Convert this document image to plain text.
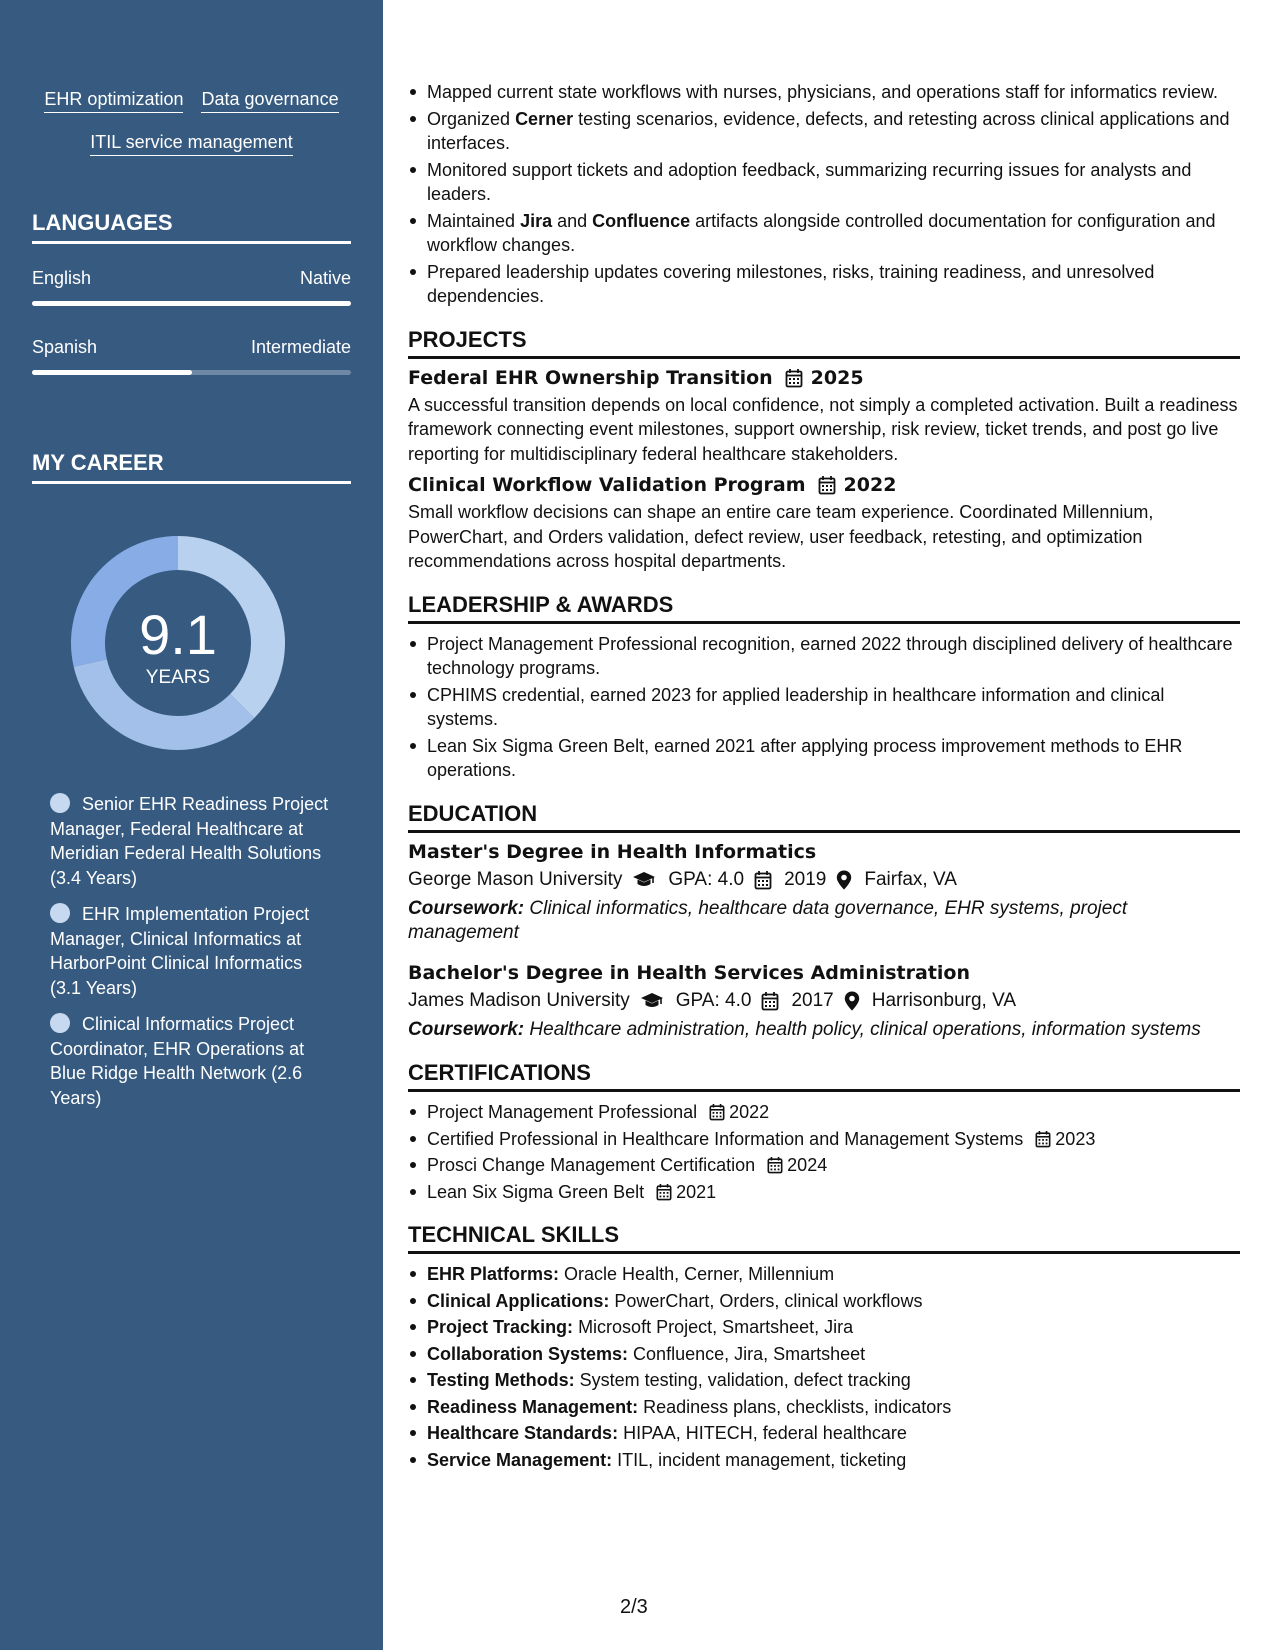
EHR optimization Data governance
ITIL service management
LANGUAGES
English	Native
Spanish	Intermediate
MY CAREER
9.1
YEARS
Senior EHR Readiness Project Manager, Federal Healthcare at Meridian Federal Health Solutions (3.4 Years)
EHR Implementation Project Manager, Clinical Informatics at HarborPoint Clinical Informatics (3.1 Years)
Clinical Informatics Project Coordinator, EHR Operations at Blue Ridge Health Network (2.6 Years)
Mapped current state workflows with nurses, physicians, and operations staff for informatics review.
Organized Cerner testing scenarios, evidence, defects, and retesting across clinical applications and interfaces.
Monitored support tickets and adoption feedback, summarizing recurring issues for analysts and leaders.
Maintained Jira and Confluence artifacts alongside controlled documentation for configuration and workflow changes.
Prepared leadership updates covering milestones, risks, training readiness, and unresolved dependencies.
PROJECTS
Federal EHR Ownership Transition 2025
A successful transition depends on local confidence, not simply a completed activation. Built a readiness framework connecting event milestones, support ownership, risk review, ticket trends, and post go live reporting for multidisciplinary federal healthcare stakeholders.
Clinical Workflow Validation Program 2022
Small workflow decisions can shape an entire care team experience. Coordinated Millennium, PowerChart, and Orders validation, defect review, user feedback, retesting, and optimization recommendations across hospital departments.
LEADERSHIP & AWARDS
Project Management Professional recognition, earned 2022 through disciplined delivery of healthcare technology programs.
CPHIMS credential, earned 2023 for applied leadership in healthcare information and clinical systems.
Lean Six Sigma Green Belt, earned 2021 after applying process improvement methods to EHR operations.
EDUCATION
Master's Degree in Health Informatics
George Mason University GPA: 4.0 2019 Fairfax, VA
Coursework: Clinical informatics, healthcare data governance, EHR systems, project management
Bachelor's Degree in Health Services Administration
James Madison University GPA: 4.0 2017 Harrisonburg, VA
Coursework: Healthcare administration, health policy, clinical operations, information systems
CERTIFICATIONS
Project Management Professional 2022
Certified Professional in Healthcare Information and Management Systems 2023
Prosci Change Management Certification 2024
Lean Six Sigma Green Belt 2021
TECHNICAL SKILLS
EHR Platforms: Oracle Health, Cerner, Millennium
Clinical Applications: PowerChart, Orders, clinical workflows
Project Tracking: Microsoft Project, Smartsheet, Jira
Collaboration Systems: Confluence, Jira, Smartsheet
Testing Methods: System testing, validation, defect tracking
Readiness Management: Readiness plans, checklists, indicators
Healthcare Standards: HIPAA, HITECH, federal healthcare
Service Management: ITIL, incident management, ticketing
2/3
